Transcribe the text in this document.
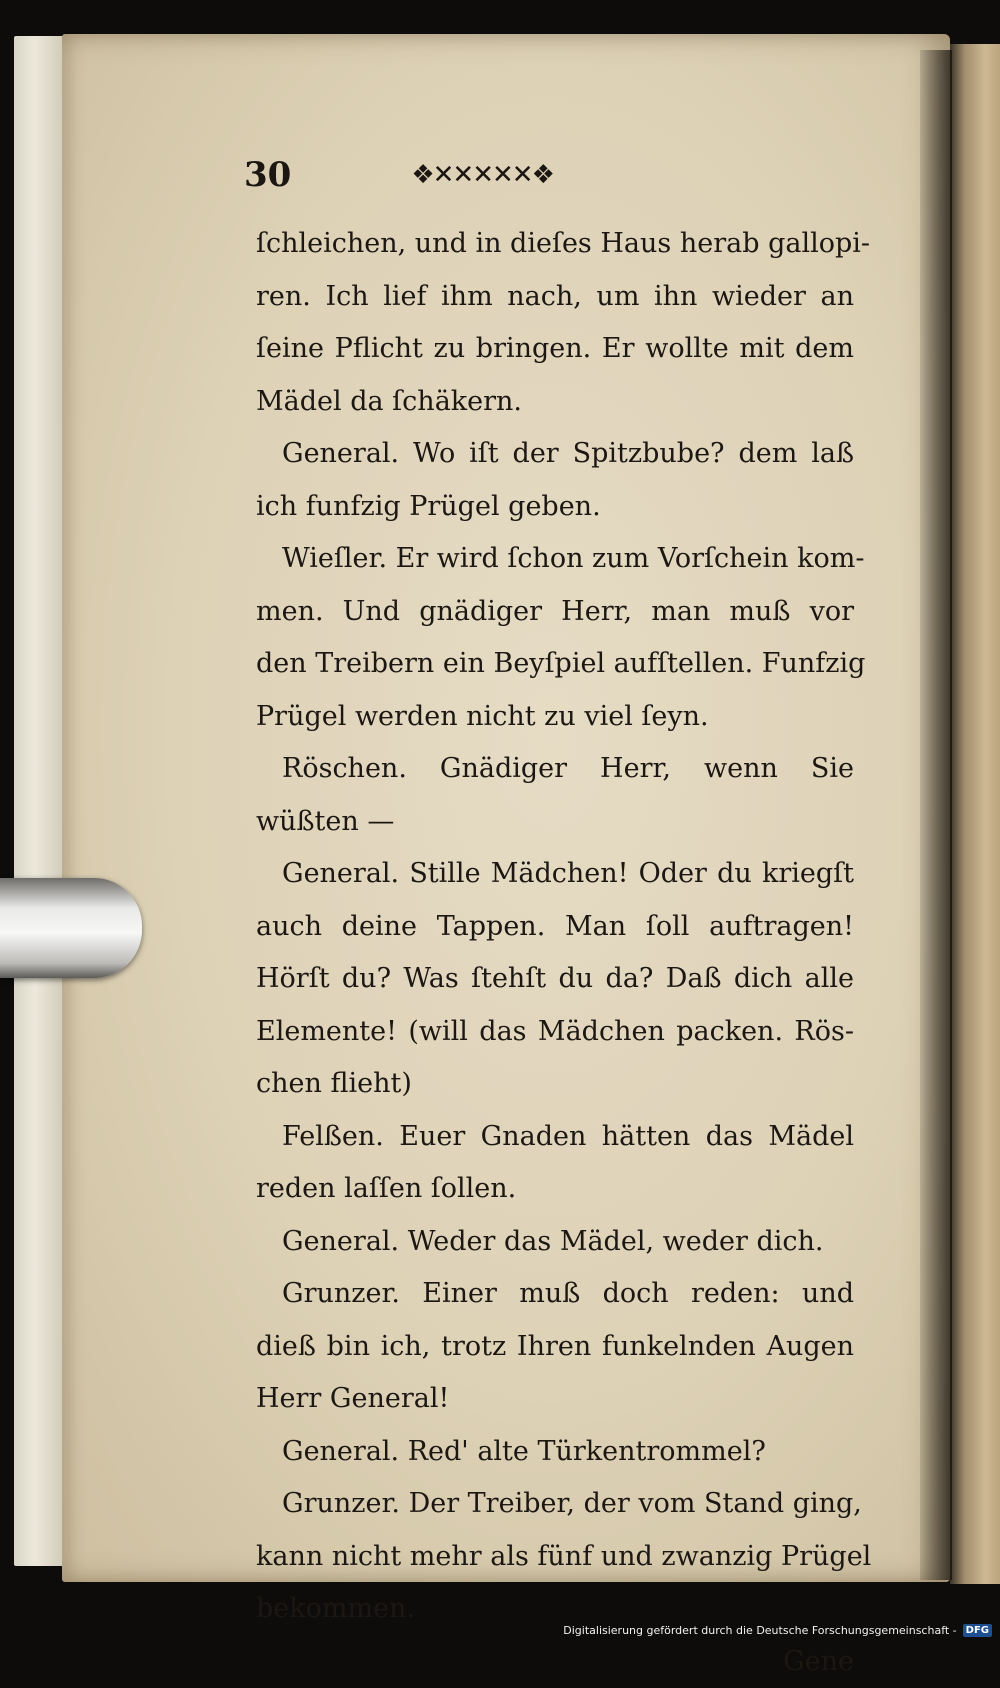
30	❖✕✕✕✕✕❖
ſchleichen, und in dieſes Haus herab gallopi-
ren. Ich lief ihm nach, um ihn wieder an
ſeine Pflicht zu bringen. Er wollte mit dem
Mädel da ſchäkern.
General. Wo iſt der Spitzbube? dem laß
ich funfzig Prügel geben.
Wieſler. Er wird ſchon zum Vorſchein kom-
men. Und gnädiger Herr, man muß vor
den Treibern ein Beyſpiel aufſtellen. Funfzig
Prügel werden nicht zu viel ſeyn.
Röschen. Gnädiger Herr, wenn Sie
wüßten —
General. Stille Mädchen! Oder du kriegſt
auch deine Tappen. Man ſoll auftragen!
Hörſt du? Was ſtehſt du da? Daß dich alle
Elemente! (will das Mädchen packen. Rös-
chen flieht)
Felßen. Euer Gnaden hätten das Mädel
reden laſſen ſollen.
General. Weder das Mädel, weder dich.
Grunzer. Einer muß doch reden: und
dieß bin ich, trotz Ihren funkelnden Augen
Herr General!
General. Red' alte Türkentrommel?
Grunzer. Der Treiber, der vom Stand ging,
kann nicht mehr als fünf und zwanzig Prügel
bekommen.
Gene
Digitalisierung gefördert durch die Deutsche Forschungsgemeinschaft - DFG
